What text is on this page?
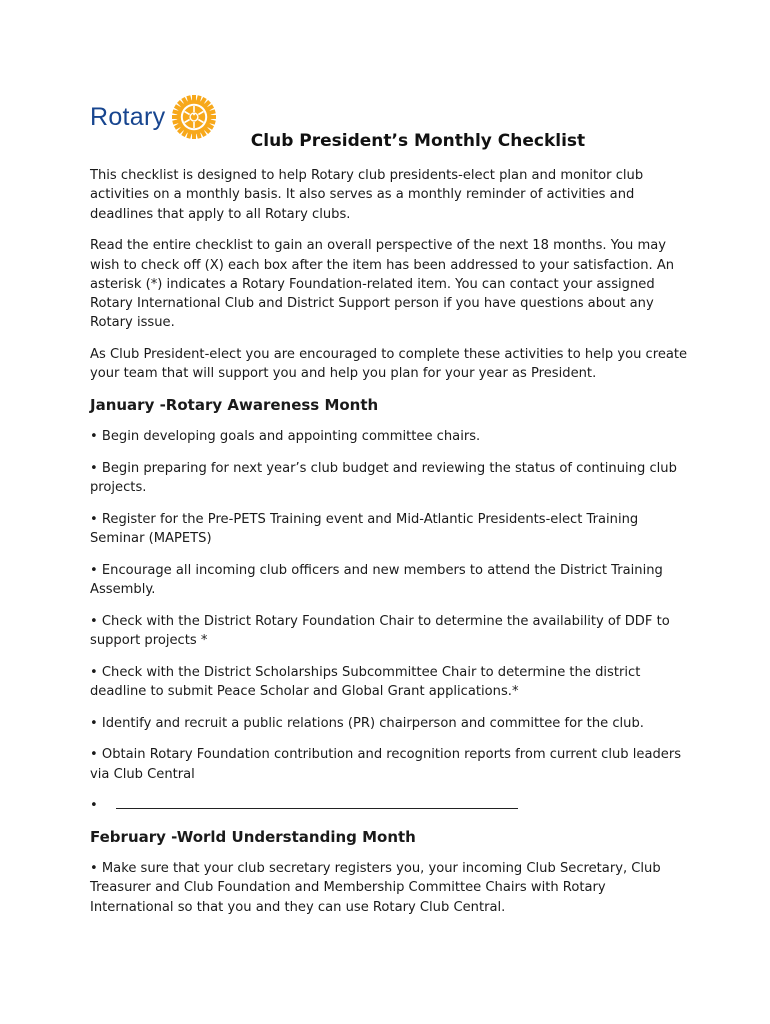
Rotary
Club President’s Monthly Checklist

This checklist is designed to help Rotary club presidents-elect plan and monitor club activities on a monthly basis. It also serves as a monthly reminder of activities and deadlines that apply to all Rotary clubs.

Read the entire checklist to gain an overall perspective of the next 18 months. You may wish to check off (X) each box after the item has been addressed to your satisfaction. An asterisk (*) indicates a Rotary Foundation-related item. You can contact your assigned Rotary International Club and District Support person if you have questions about any Rotary issue.

As Club President-elect you are encouraged to complete these activities to help you create your team that will support you and help you plan for your year as President.

January -Rotary Awareness Month
• Begin developing goals and appointing committee chairs.
• Begin preparing for next year’s club budget and reviewing the status of continuing club projects.
• Register for the Pre-PETS Training event and Mid-Atlantic Presidents-elect Training Seminar (MAPETS)
• Encourage all incoming club officers and new members to attend the District Training Assembly.
• Check with the District Rotary Foundation Chair to determine the availability of DDF to support projects *
• Check with the District Scholarships Subcommittee Chair to determine the district deadline to submit Peace Scholar and Global Grant applications.*
• Identify and recruit a public relations (PR) chairperson and committee for the club.
• Obtain Rotary Foundation contribution and recognition reports from current club leaders via Club Central
•
February -World Understanding Month
• Make sure that your club secretary registers you, your incoming Club Secretary, Club Treasurer and Club Foundation and Membership Committee Chairs with Rotary International so that you and they can use Rotary Club Central.
